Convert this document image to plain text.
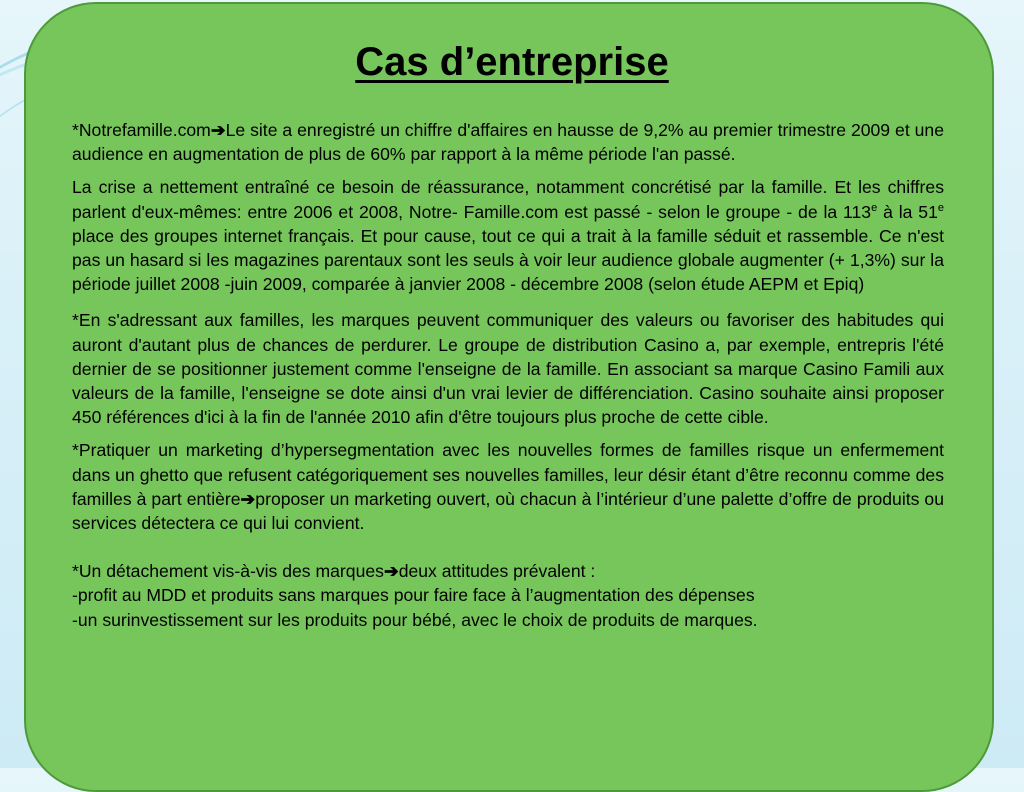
Cas d’entreprise

*Notrefamille.com➔Le site a enregistré un chiffre d'affaires en hausse de 9,2% au premier trimestre 2009 et une audience en augmentation de plus de 60% par rapport à la même période l'an passé.

La crise a nettement entraîné ce besoin de réassurance, notamment concrétisé par la famille. Et les chiffres parlent d'eux-mêmes: entre 2006 et 2008, Notre- Famille.com est passé - selon le groupe - de la 113e à la 51e place des groupes internet français. Et pour cause, tout ce qui a trait à la famille séduit et rassemble. Ce n'est pas un hasard si les magazines parentaux sont les seuls à voir leur audience globale augmenter (+ 1,3%) sur la période juillet 2008 -juin 2009, comparée à janvier 2008 - décembre 2008 (selon étude AEPM et Epiq)

*En s'adressant aux familles, les marques peuvent communiquer des valeurs ou favoriser des habitudes qui auront d'autant plus de chances de perdurer. Le groupe de distribution Casino a, par exemple, entrepris l'été dernier de se positionner justement comme l'enseigne de la famille. En associant sa marque Casino Famili aux valeurs de la famille, l'enseigne se dote ainsi d'un vrai levier de différenciation. Casino souhaite ainsi proposer 450 références d'ici à la fin de l'année 2010 afin d'être toujours plus proche de cette cible.

*Pratiquer un marketing d’hypersegmentation avec les nouvelles formes de familles risque un enfermement dans un ghetto que refusent catégoriquement ses nouvelles familles, leur désir étant d’être reconnu comme des familles à part entière➔proposer un marketing ouvert, où chacun à l’intérieur d’une palette d’offre de produits ou services détectera ce qui lui convient.

*Un détachement vis-à-vis des marques➔deux attitudes prévalent :

-profit au MDD et produits sans marques pour faire face à l’augmentation des dépenses

-un surinvestissement sur les produits pour bébé, avec le choix de produits de marques.
